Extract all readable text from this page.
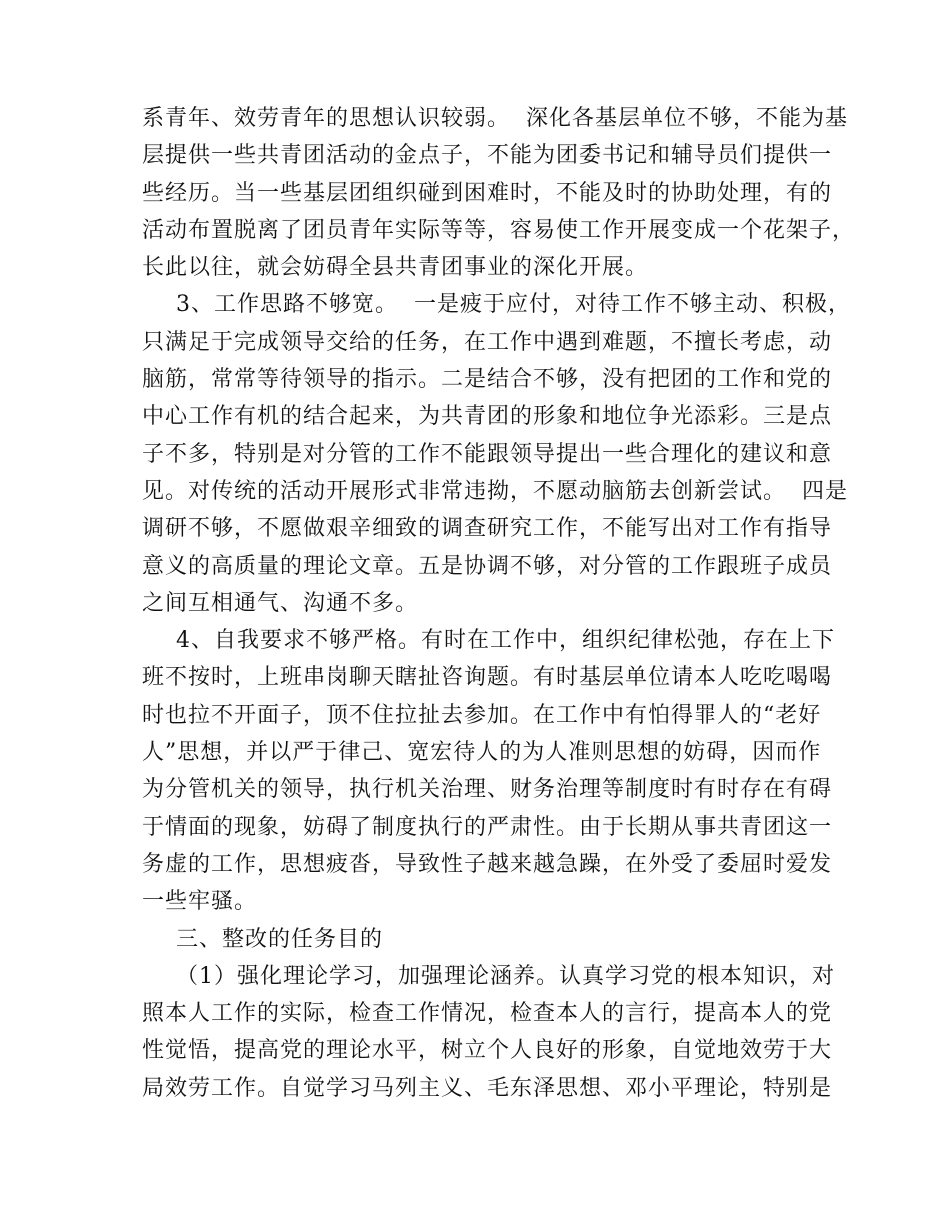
系青年、效劳青年的思想认识较弱。  深化各基层单位不够，不能为基
层提供一些共青团活动的金点子，不能为团委书记和辅导员们提供一
些经历。当一些基层团组织碰到困难时，不能及时的协助处理，有的
活动布置脱离了团员青年实际等等，容易使工作开展变成一个花架子，
长此以往，就会妨碍全县共青团事业的深化开展。
3、工作思路不够宽。  一是疲于应付，对待工作不够主动、积极，
只满足于完成领导交给的任务，在工作中遇到难题，不擅长考虑，动
脑筋，常常等待领导的指示。二是结合不够，没有把团的工作和党的
中心工作有机的结合起来，为共青团的形象和地位争光添彩。三是点
子不多，特别是对分管的工作不能跟领导提出一些合理化的建议和意
见。对传统的活动开展形式非常违拗，不愿动脑筋去创新尝试。  四是
调研不够，不愿做艰辛细致的调查研究工作，不能写出对工作有指导
意义的高质量的理论文章。五是协调不够，对分管的工作跟班子成员
之间互相通气、沟通不多。
4、自我要求不够严格。有时在工作中，组织纪律松弛，存在上下
班不按时，上班串岗聊天瞎扯咨询题。有时基层单位请本人吃吃喝喝
时也拉不开面子，顶不住拉扯去参加。在工作中有怕得罪人的“老好
人”思想，并以严于律己、宽宏待人的为人准则思想的妨碍，因而作
为分管机关的领导，执行机关治理、财务治理等制度时有时存在有碍
于情面的现象，妨碍了制度执行的严肃性。由于长期从事共青团这一
务虚的工作，思想疲沓，导致性子越来越急躁，在外受了委屈时爱发
一些牢骚。
三、整改的任务目的
（1）强化理论学习，加强理论涵养。认真学习党的根本知识，对
照本人工作的实际，检查工作情况，检查本人的言行，提高本人的党
性觉悟，提高党的理论水平，树立个人良好的形象，自觉地效劳于大
局效劳工作。自觉学习马列主义、毛东泽思想、邓小平理论，特别是
